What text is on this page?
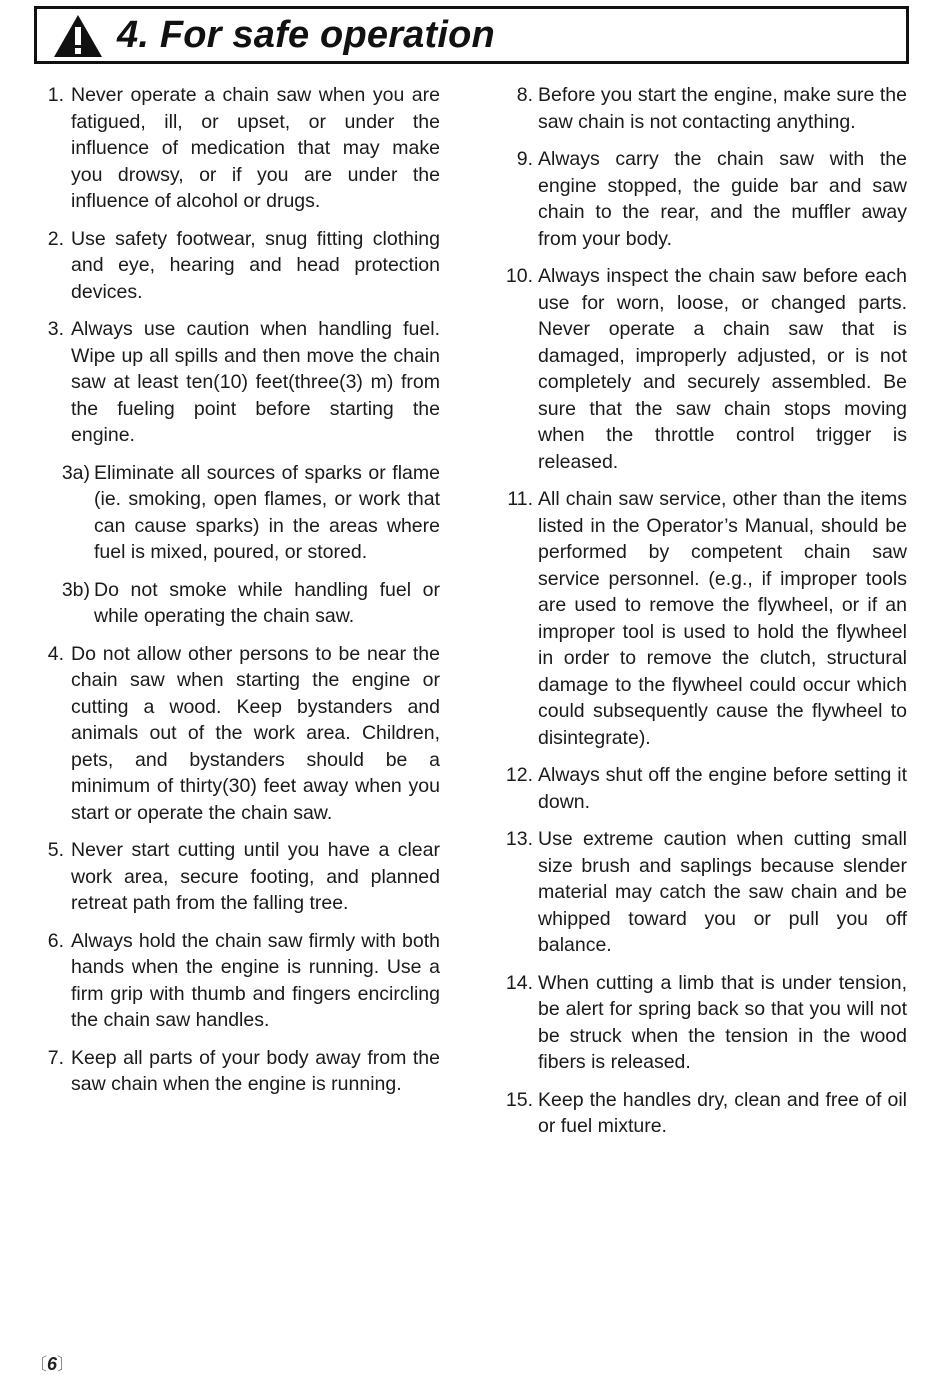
4. For safe operation
1. Never operate a chain saw when you are fatigued, ill, or upset, or under the influence of medication that may make you drowsy, or if you are under the influence of alcohol or drugs.
2. Use safety footwear, snug fitting clothing and eye, hearing and head protection devices.
3. Always use caution when handling fuel. Wipe up all spills and then move the chain saw at least ten(10) feet(three(3) m) from the fueling point before starting the engine.
3a) Eliminate all sources of sparks or flame (ie. smoking, open flames, or work that can cause sparks) in the areas where fuel is mixed, poured, or stored.
3b) Do not smoke while handling fuel or while operating the chain saw.
4. Do not allow other persons to be near the chain saw when starting the engine or cutting a wood. Keep bystanders and animals out of the work area. Children, pets, and bystanders should be a minimum of thirty(30) feet away when you start or operate the chain saw.
5. Never start cutting until you have a clear work area, secure footing, and planned retreat path from the falling tree.
6. Always hold the chain saw firmly with both hands when the engine is running. Use a firm grip with thumb and fingers encircling the chain saw handles.
7. Keep all parts of your body away from the saw chain when the engine is running.
8. Before you start the engine, make sure the saw chain is not contacting anything.
9. Always carry the chain saw with the engine stopped, the guide bar and saw chain to the rear, and the muffler away from your body.
10. Always inspect the chain saw before each use for worn, loose, or changed parts. Never operate a chain saw that is damaged, improperly adjusted, or is not completely and securely assembled. Be sure that the saw chain stops moving when the throttle control trigger is released.
11. All chain saw service, other than the items listed in the Operator’s Manual, should be performed by competent chain saw service personnel. (e.g., if improper tools are used to remove the flywheel, or if an improper tool is used to hold the flywheel in order to remove the clutch, structural damage to the flywheel could occur which could subsequently cause the flywheel to disintegrate).
12. Always shut off the engine before setting it down.
13. Use extreme caution when cutting small size brush and saplings because slender material may catch the saw chain and be whipped toward you or pull you off balance.
14. When cutting a limb that is under tension, be alert for spring back so that you will not be struck when the tension in the wood fibers is released.
15. Keep the handles dry, clean and free of oil or fuel mixture.
〔6〕
